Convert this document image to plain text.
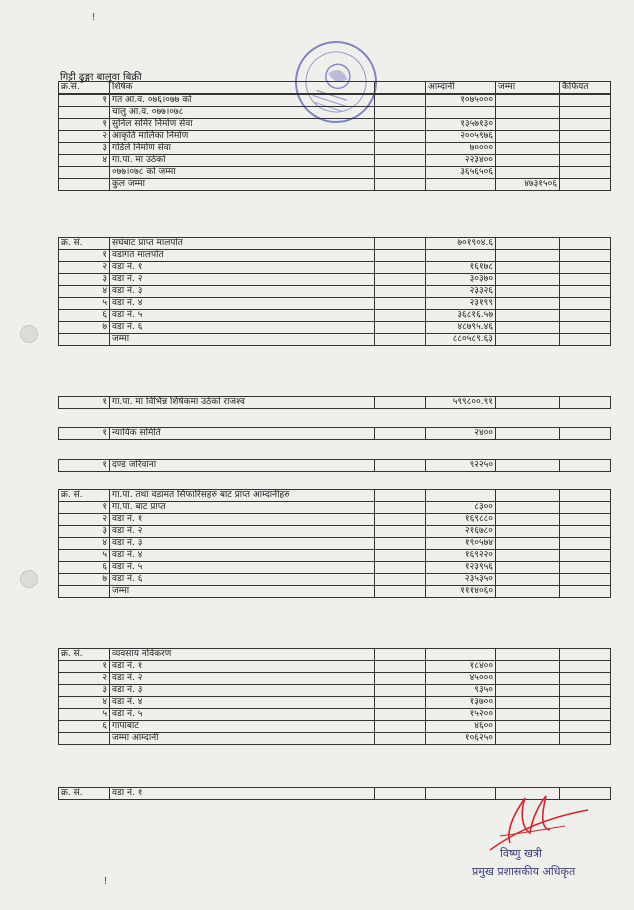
ǃ
ǃ
गिट्टी ढुङ्गा बालुवा बिक्री
क्र.सं.	शिर्षक		आम्दानी	जम्मा	कैफियत
१	गत आ.व. ०७६।०७७ को		१०७५०००		
	चालु आ.व. ०७७।०७८				
१	सुनिल समिर निर्माण सेवा		१३५७१३०		
२	आकृति मालिका निर्माण		२००५९७६		
३	गडिले निर्माण सेवा		७००००		
४	गा.पा. मा उठेको		२२३४००		
	०७७।०७८ को जम्मा		३६५६५०६		
	कुल जम्मा			४७३१५०६	
क्र. सं.	सघंबाट प्राप्त मालपोत		७०१९०४.६		
१	वडागत मालपोत				
२	वडा नं. १		१६१७८		
३	वडा नं. २		३०३७०		
४	वडा नं. ३		२३३२६		
५	वडा नं. ४		२३१९९		
६	वडा नं. ५		३६८१६.५७		
७	वडा नं. ६		४८७९५.४६		
	जम्मा		८८०५८९.६३		
१	गा.पा. मा विभिन्न शिर्षकमा उठेको राजश्व		५९९८००.९१		
१	न्यायिक समिति		२४००		
१	दण्ड जरिवाना		९२२५०		
क्र. सं.	गा.पा. तथा वडामत सिफारिसहरु बाट प्राप्त आम्दानीहरु				
१	गा.पा. बाट प्राप्त		८३००		
२	वडा नं. १		१६९८८०		
३	वडा नं. २		२१६७८०		
४	वडा नं. ३		१९०५७४		
५	वडा नं. ४		१६९२२०		
६	वडा नं. ५		१२३९५६		
७	वडा नं. ६		२३५३५०		
	जम्मा		१११४०६०		
क्र. सं.	व्यवसाय नविकरण				
१	वडा नं. १		१८४००		
२	वडा नं. २		४५०००		
३	वडा नं. ३		९३५०		
४	वडा नं. ४		१३७००		
५	वडा नं. ५		१५२००		
६	गापाबाट		४६००		
	जम्मा आम्दानी		१०६२५०		
क्र. सं.	वडा नं. १				
विष्णु खत्री
प्रमुख प्रशासकीय अधिकृत
